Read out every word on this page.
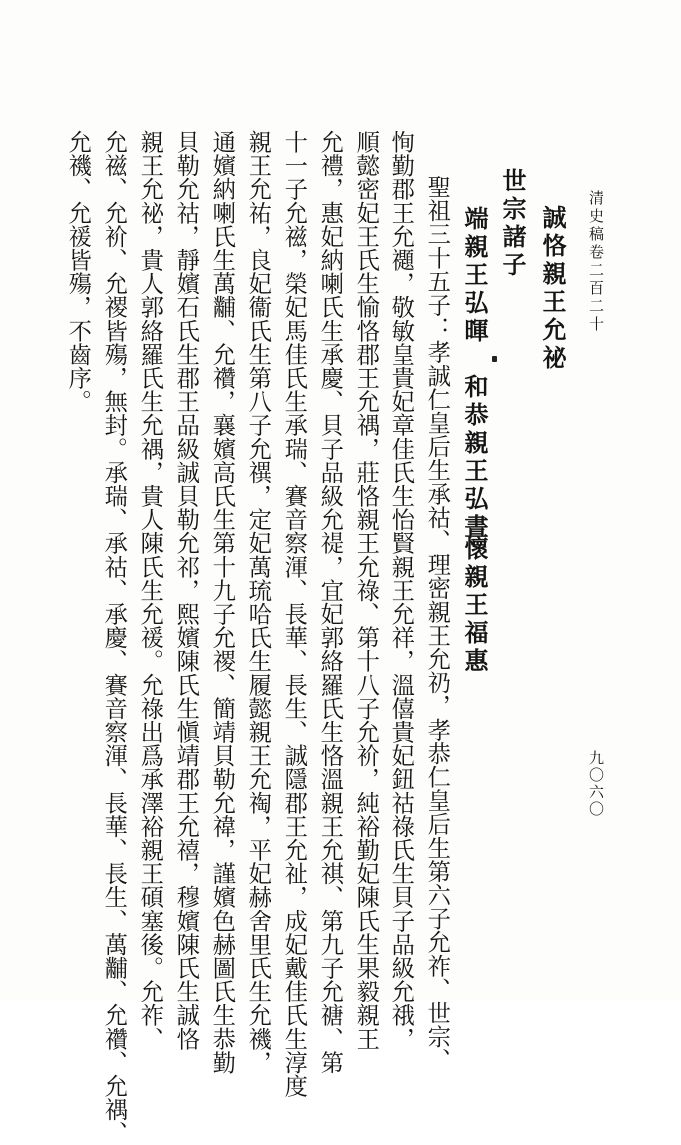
清史稿卷二百二十
九〇六〇
誠恪親王允祕
世宗諸子
端親王弘暉
和恭親王弘晝
懷親王福惠
聖祖三十五子：孝誠仁皇后生承祜、理密親王允礽，孝恭仁皇后生第六子允祚、世宗、
恂勤郡王允禵，敬敏皇貴妃章佳氏生怡賢親王允祥，溫僖貴妃鈕祜祿氏生貝子品級允䄉，
順懿密妃王氏生愉恪郡王允禑，莊恪親王允祿、第十八子允衸，純裕勤妃陳氏生果毅親王
允禮，惠妃納喇氏生承慶、貝子品級允禔，宜妃郭絡羅氏生恪溫親王允祺、第九子允禟、第
十一子允禌，榮妃馬佳氏生承瑞、賽音察渾、長華、長生、誠隱郡王允祉，成妃戴佳氏生淳度
親王允祐，良妃衞氏生第八子允禩，定妃萬琉哈氏生履懿親王允祹，平妃赫舍里氏生允禨，
通嬪納喇氏生萬黼、允禶，襄嬪高氏生第十九子允禝、簡靖貝勒允禕，謹嬪色赫圖氏生恭勤
貝勒允祜，靜嬪石氏生郡王品級誠貝勒允祁，熙嬪陳氏生愼靖郡王允禧，穆嬪陳氏生誠恪
親王允祕，貴人郭絡羅氏生允禑，貴人陳氏生允禐。允祿出爲承澤裕親王碩塞後。允祚、
允禌、允衸、允禝皆殤，無封。承瑞、承祜、承慶、賽音察渾、長華、長生、萬黼、允禶、允禑、
允禨、允禐皆殤，不齒序。
